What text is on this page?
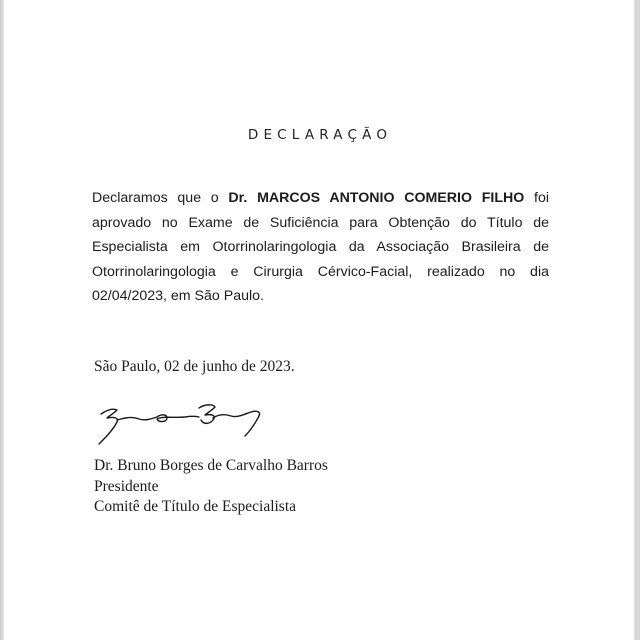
DECLARAÇÃO
Declaramos que o Dr. MARCOS ANTONIO COMERIO FILHO foi aprovado no Exame de Suficiência para Obtenção do Título de Especialista em Otorrinolaringologia da Associação Brasileira de Otorrinolaringologia e Cirurgia Cérvico-Facial, realizado no dia 02/04/2023, em São Paulo.
São Paulo, 02 de junho de 2023.
Dr. Bruno Borges de Carvalho Barros
Presidente
Comitê de Título de Especialista
